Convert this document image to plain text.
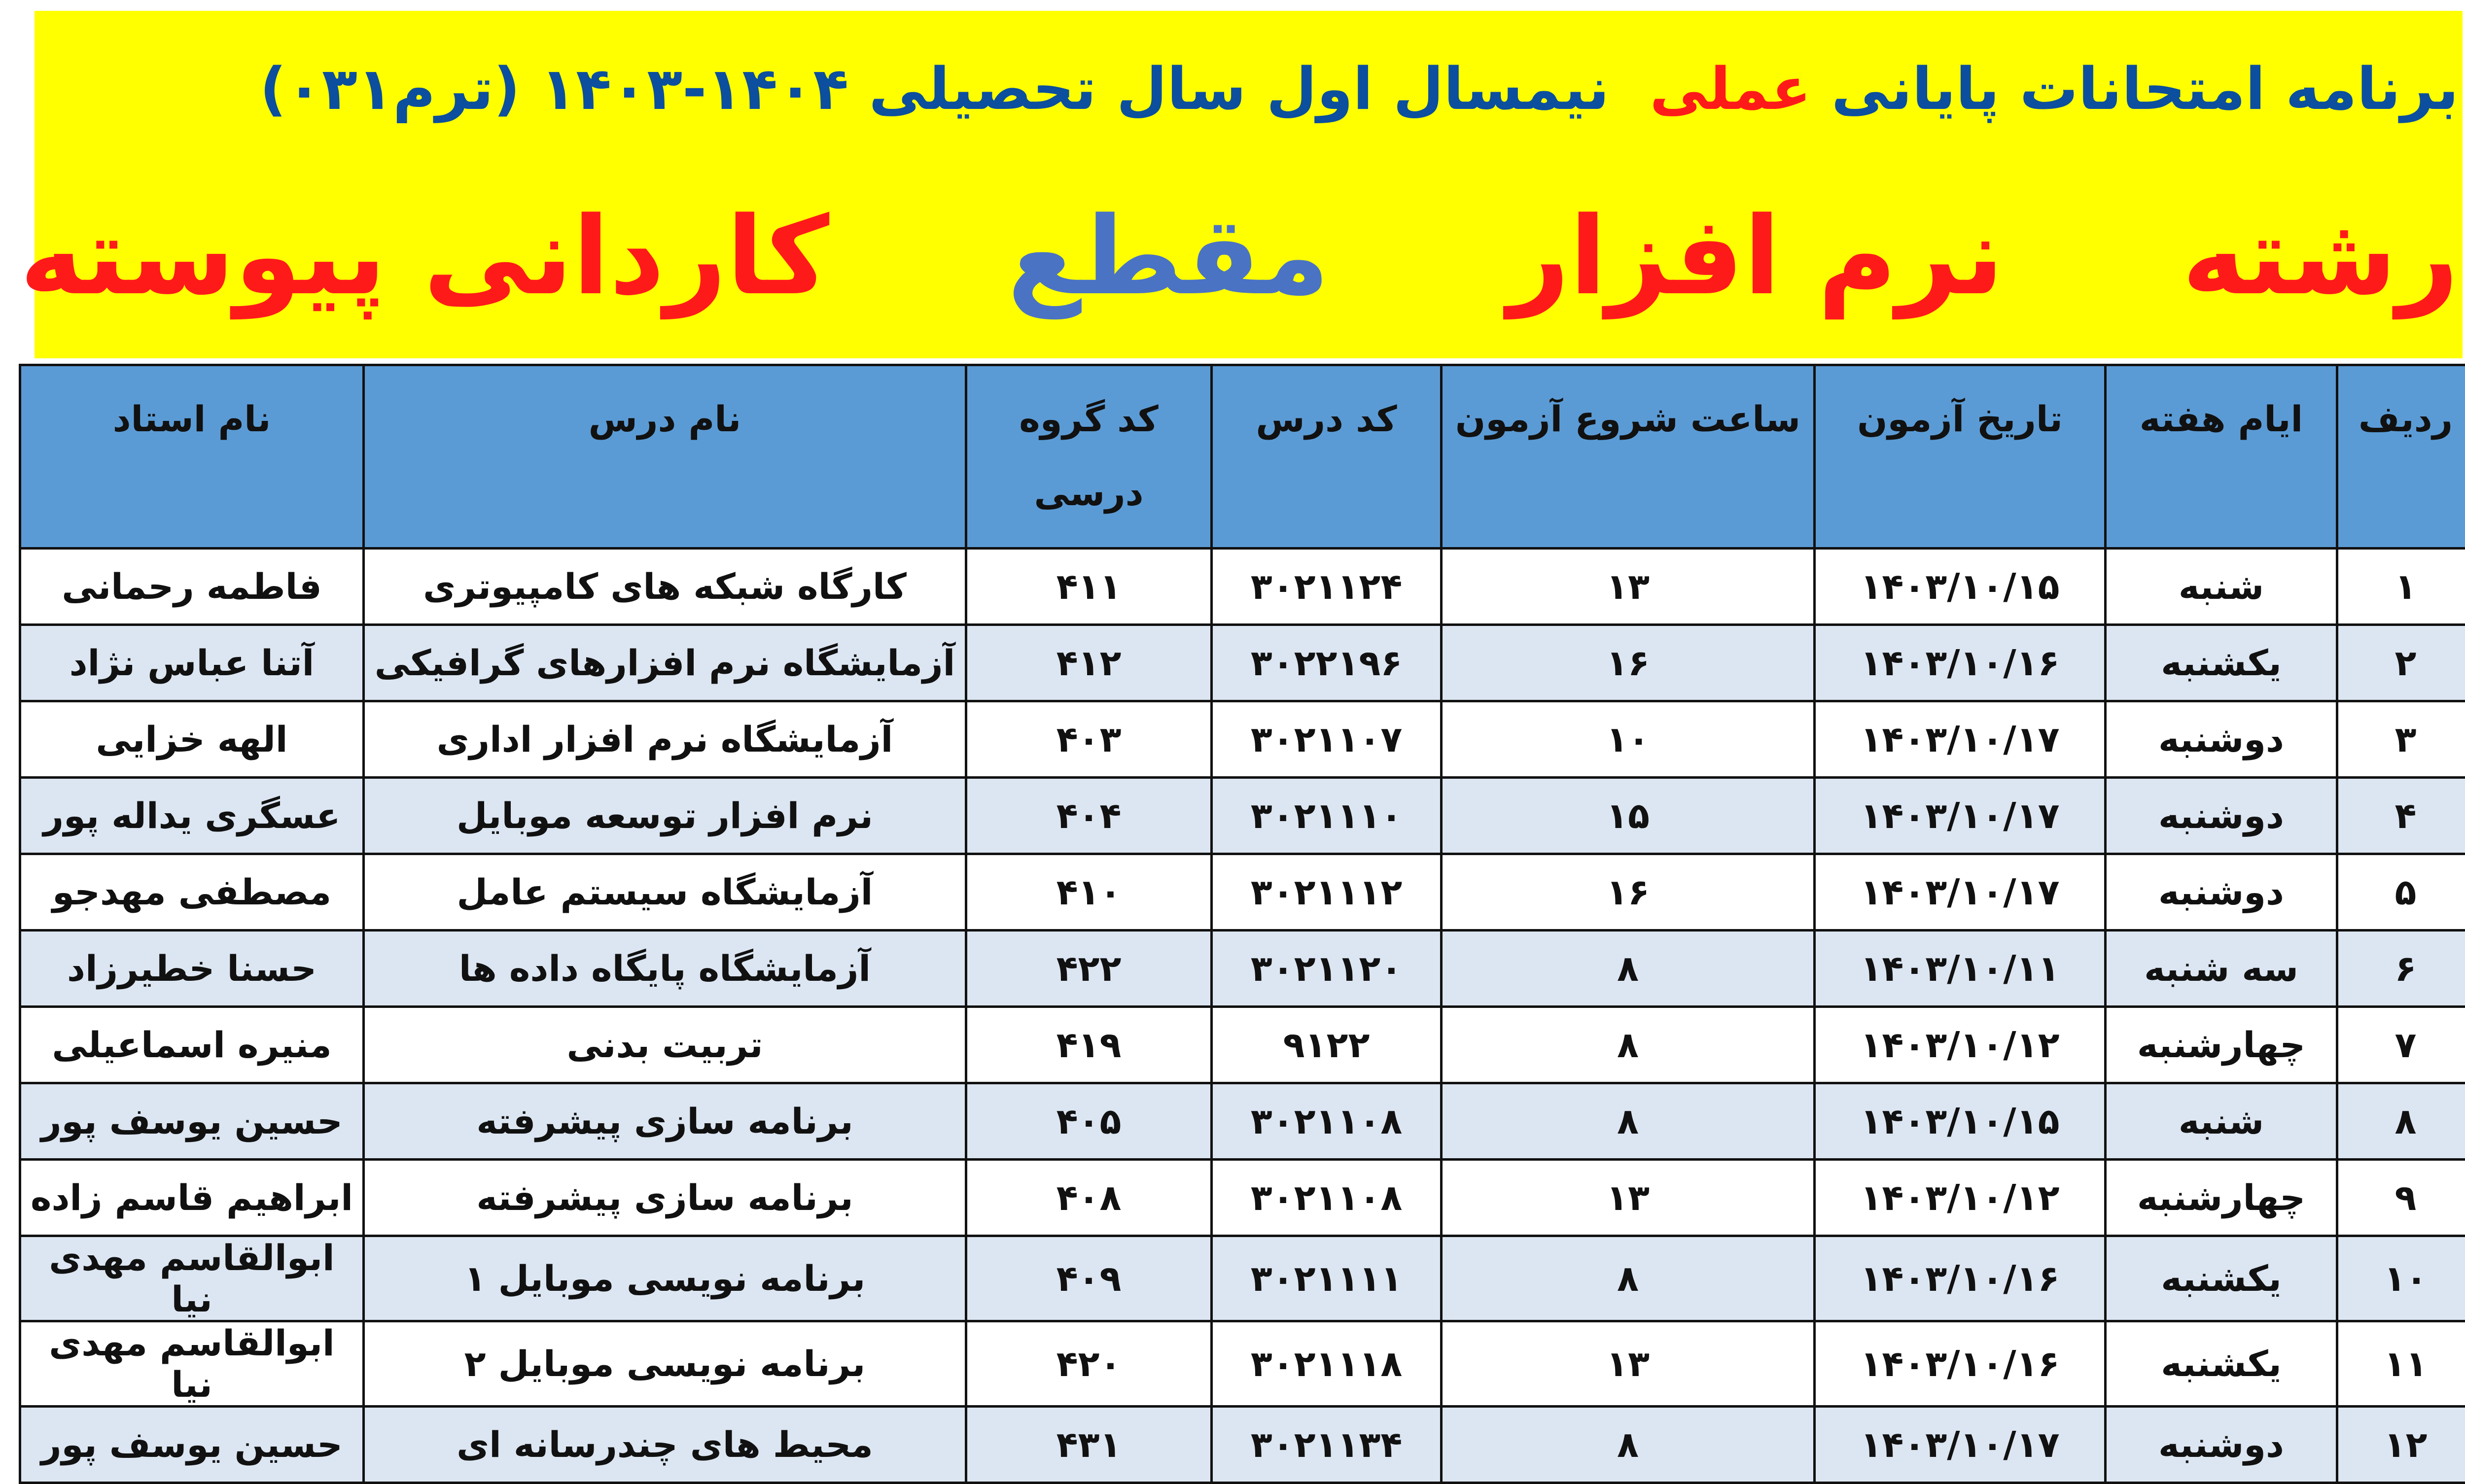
برنامه امتحانات پایانی

عملی

نیمسال اول سال تحصیلی ۱۴۰۴-۱۴۰۳ (ترم۰۳۱)
رشته
نرم افزار
مقطع
کاردانی پیوسته
ردیف	ایام هفته	تاریخ آزمون	ساعت شروع آزمون	کد درس	کد گروه درسی	نام درس	نام استاد
۱	شنبه	۱۴۰۳/۱۰/۱۵	۱۳	۳۰۲۱۱۲۴	۴۱۱	کارگاه شبکه های کامپیوتری	فاطمه رحمانی
۲	یکشنبه	۱۴۰۳/۱۰/۱۶	۱۶	۳۰۲۲۱۹۶	۴۱۲	آزمایشگاه نرم افزارهای گرافیکی	آتنا عباس نژاد
۳	دوشنبه	۱۴۰۳/۱۰/۱۷	۱۰	۳۰۲۱۱۰۷	۴۰۳	آزمایشگاه نرم افزار اداری	الهه خزایی
۴	دوشنبه	۱۴۰۳/۱۰/۱۷	۱۵	۳۰۲۱۱۱۰	۴۰۴	نرم افزار توسعه موبایل	عسگری یداله پور
۵	دوشنبه	۱۴۰۳/۱۰/۱۷	۱۶	۳۰۲۱۱۱۲	۴۱۰	آزمایشگاه سیستم عامل	مصطفی مهدجو
۶	سه شنبه	۱۴۰۳/۱۰/۱۱	۸	۳۰۲۱۱۲۰	۴۲۲	آزمایشگاه پایگاه داده ها	حسنا خطیرزاد
۷	چهارشنبه	۱۴۰۳/۱۰/۱۲	۸	۹۱۲۲	۴۱۹	تربیت بدنی	منیره اسماعیلی
۸	شنبه	۱۴۰۳/۱۰/۱۵	۸	۳۰۲۱۱۰۸	۴۰۵	برنامه سازی پیشرفته	حسین یوسف پور
۹	چهارشنبه	۱۴۰۳/۱۰/۱۲	۱۳	۳۰۲۱۱۰۸	۴۰۸	برنامه سازی پیشرفته	ابراهیم قاسم زاده
۱۰	یکشنبه	۱۴۰۳/۱۰/۱۶	۸	۳۰۲۱۱۱۱	۴۰۹	برنامه نویسی موبایل ۱	ابوالقاسم مهدی نیا
۱۱	یکشنبه	۱۴۰۳/۱۰/۱۶	۱۳	۳۰۲۱۱۱۸	۴۲۰	برنامه نویسی موبایل ۲	ابوالقاسم مهدی نیا
۱۲	دوشنبه	۱۴۰۳/۱۰/۱۷	۸	۳۰۲۱۱۳۴	۴۳۱	محیط های چندرسانه ای	حسین یوسف پور
